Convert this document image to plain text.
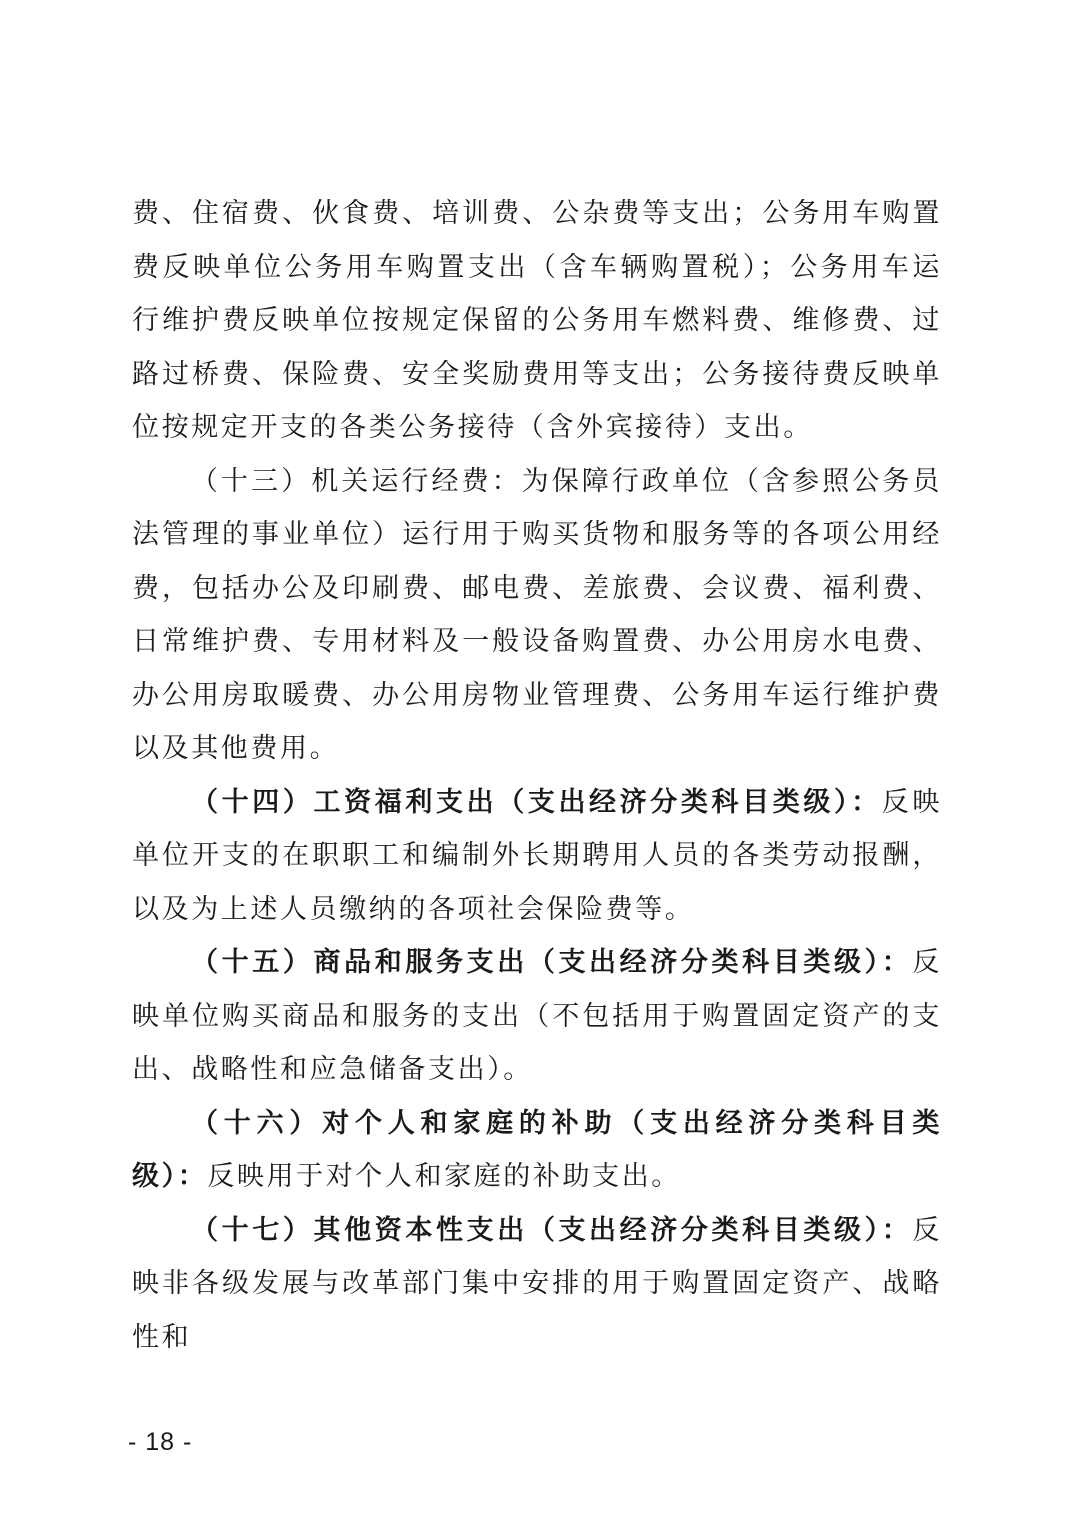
费、住宿费、伙食费、培训费、公杂费等支出；公务用车购置费反映单位公务用车购置支出（含车辆购置税）；公务用车运行维护费反映单位按规定保留的公务用车燃料费、维修费、过路过桥费、保险费、安全奖励费用等支出；公务接待费反映单位按规定开支的各类公务接待（含外宾接待）支出。

（十三）机关运行经费：为保障行政单位（含参照公务员法管理的事业单位）运行用于购买货物和服务等的各项公用经费，包括办公及印刷费、邮电费、差旅费、会议费、福利费、日常维护费、专用材料及一般设备购置费、办公用房水电费、办公用房取暖费、办公用房物业管理费、公务用车运行维护费以及其他费用。

（十四）工资福利支出（支出经济分类科目类级）：反映单位开支的在职职工和编制外长期聘用人员的各类劳动报酬，以及为上述人员缴纳的各项社会保险费等。

（十五）商品和服务支出（支出经济分类科目类级）：反映单位购买商品和服务的支出（不包括用于购置固定资产的支出、战略性和应急储备支出）。

（十六）对个人和家庭的补助（支出经济分类科目类级）：反映用于对个人和家庭的补助支出。

（十七）其他资本性支出（支出经济分类科目类级）：反映非各级发展与改革部门集中安排的用于购置固定资产、战略性和

- 18 -
